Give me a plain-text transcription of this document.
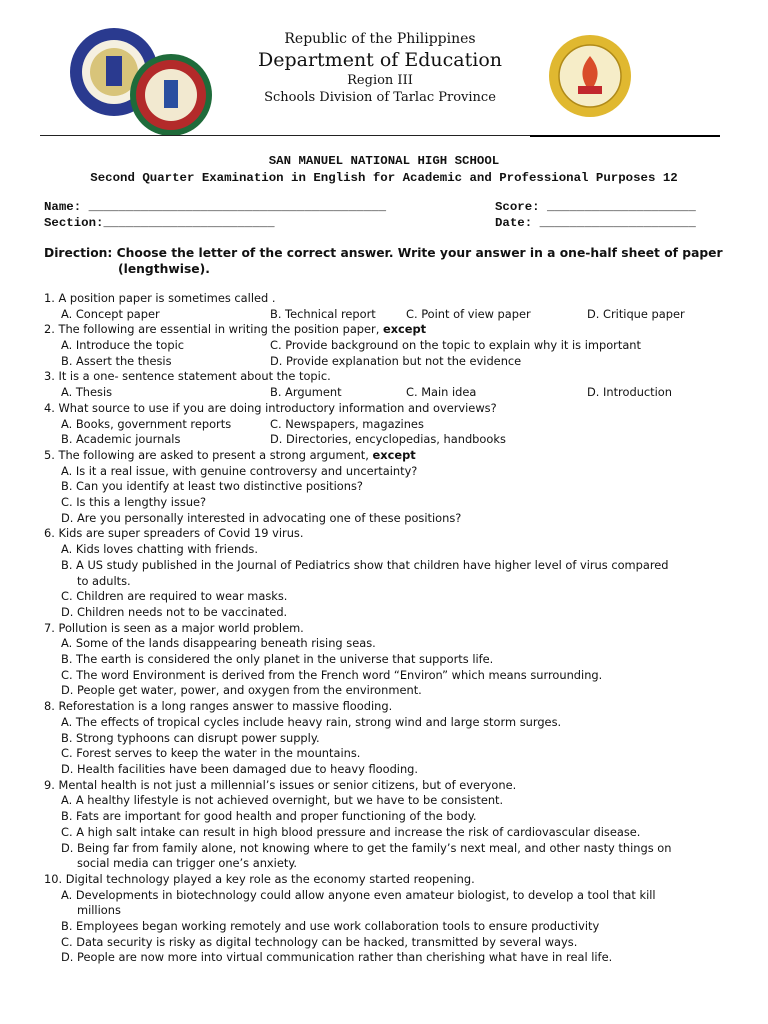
Republic of the Philippines
Department of Education
Region III
Schools Division of Tarlac Province
SAN MANUEL NATIONAL HIGH SCHOOL
Second Quarter Examination in English for Academic and Professional Purposes 12
Name: ________________________________________
Section:_______________________
Score: ____________________
Date: _____________________
Direction: Choose the letter of the correct answer. Write your answer in a one-half sheet of paper
(lengthwise).
1. A position paper is sometimes called .
A. Concept paper	B. Technical report	C. Point of view paper	D. Critique paper
2. The following are essential in writing the position paper, except
A. Introduce the topic	C. Provide background on the topic to explain why it is important
B. Assert the thesis	D. Provide explanation but not the evidence
3. It is a one- sentence statement about the topic.
A. Thesis	B. Argument	C. Main idea	D. Introduction
4. What source to use if you are doing introductory information and overviews?
A. Books, government reports	C. Newspapers, magazines
B. Academic journals	D. Directories, encyclopedias, handbooks
5. The following are asked to present a strong argument, except
A. Is it a real issue, with genuine controversy and uncertainty?
B. Can you identify at least two distinctive positions?
C. Is this a lengthy issue?
D. Are you personally interested in advocating one of these positions?
6. Kids are super spreaders of Covid 19 virus.
A. Kids loves chatting with friends.
B. A US study published in the Journal of Pediatrics show that children have higher level of virus compared
to adults.
C. Children are required to wear masks.
D. Children needs not to be vaccinated.
7. Pollution is seen as a major world problem.
A. Some of the lands disappearing beneath rising seas.
B. The earth is considered the only planet in the universe that supports life.
C. The word Environment is derived from the French word “Environ” which means surrounding.
D. People get water, power, and oxygen from the environment.
8. Reforestation is a long ranges answer to massive flooding.
A. The effects of tropical cycles include heavy rain, strong wind and large storm surges.
B. Strong typhoons can disrupt power supply.
C. Forest serves to keep the water in the mountains.
D. Health facilities have been damaged due to heavy flooding.
9. Mental health is not just a millennial’s issues or senior citizens, but of everyone.
A. A healthy lifestyle is not achieved overnight, but we have to be consistent.
B. Fats are important for good health and proper functioning of the body.
C. A high salt intake can result in high blood pressure and increase the risk of cardiovascular disease.
D. Being far from family alone, not knowing where to get the family’s next meal, and other nasty things on
social media can trigger one’s anxiety.
10. Digital technology played a key role as the economy started reopening.
A. Developments in biotechnology could allow anyone even amateur biologist, to develop a tool that kill
millions
B. Employees began working remotely and use work collaboration tools to ensure productivity
C. Data security is risky as digital technology can be hacked, transmitted by several ways.
D. People are now more into virtual communication rather than cherishing what have in real life.
